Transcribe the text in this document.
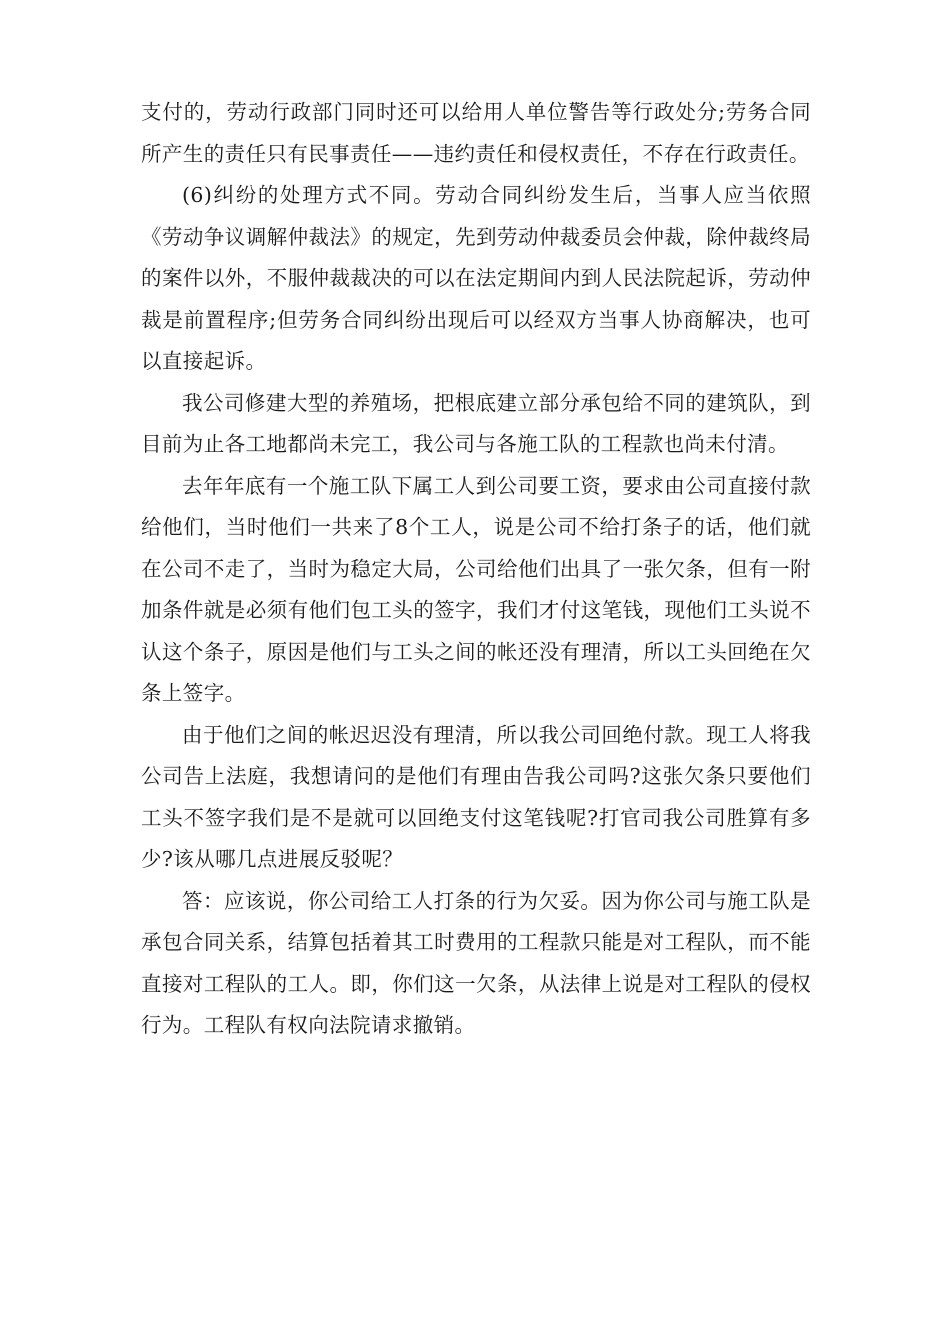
支付的，劳动行政部门同时还可以给用人单位警告等行政处分;劳务合同所产生的责任只有民事责任——违约责任和侵权责任，不存在行政责任。

(6)纠纷的处理方式不同。劳动合同纠纷发生后，当事人应当依照《劳动争议调解仲裁法》的规定，先到劳动仲裁委员会仲裁，除仲裁终局的案件以外，不服仲裁裁决的可以在法定期间内到人民法院起诉，劳动仲裁是前置程序;但劳务合同纠纷出现后可以经双方当事人协商解决，也可以直接起诉。

我公司修建大型的养殖场，把根底建立部分承包给不同的建筑队，到目前为止各工地都尚未完工，我公司与各施工队的工程款也尚未付清。

去年年底有一个施工队下属工人到公司要工资，要求由公司直接付款给他们，当时他们一共来了8个工人，说是公司不给打条子的话，他们就在公司不走了，当时为稳定大局，公司给他们出具了一张欠条，但有一附加条件就是必须有他们包工头的签字，我们才付这笔钱，现他们工头说不认这个条子，原因是他们与工头之间的帐还没有理清，所以工头回绝在欠条上签字。

由于他们之间的帐迟迟没有理清，所以我公司回绝付款。现工人将我公司告上法庭，我想请问的是他们有理由告我公司吗?这张欠条只要他们工头不签字我们是不是就可以回绝支付这笔钱呢?打官司我公司胜算有多少?该从哪几点进展反驳呢？

答：应该说，你公司给工人打条的行为欠妥。因为你公司与施工队是承包合同关系，结算包括着其工时费用的工程款只能是对工程队，而不能直接对工程队的工人。即，你们这一欠条，从法律上说是对工程队的侵权行为。工程队有权向法院请求撤销。
